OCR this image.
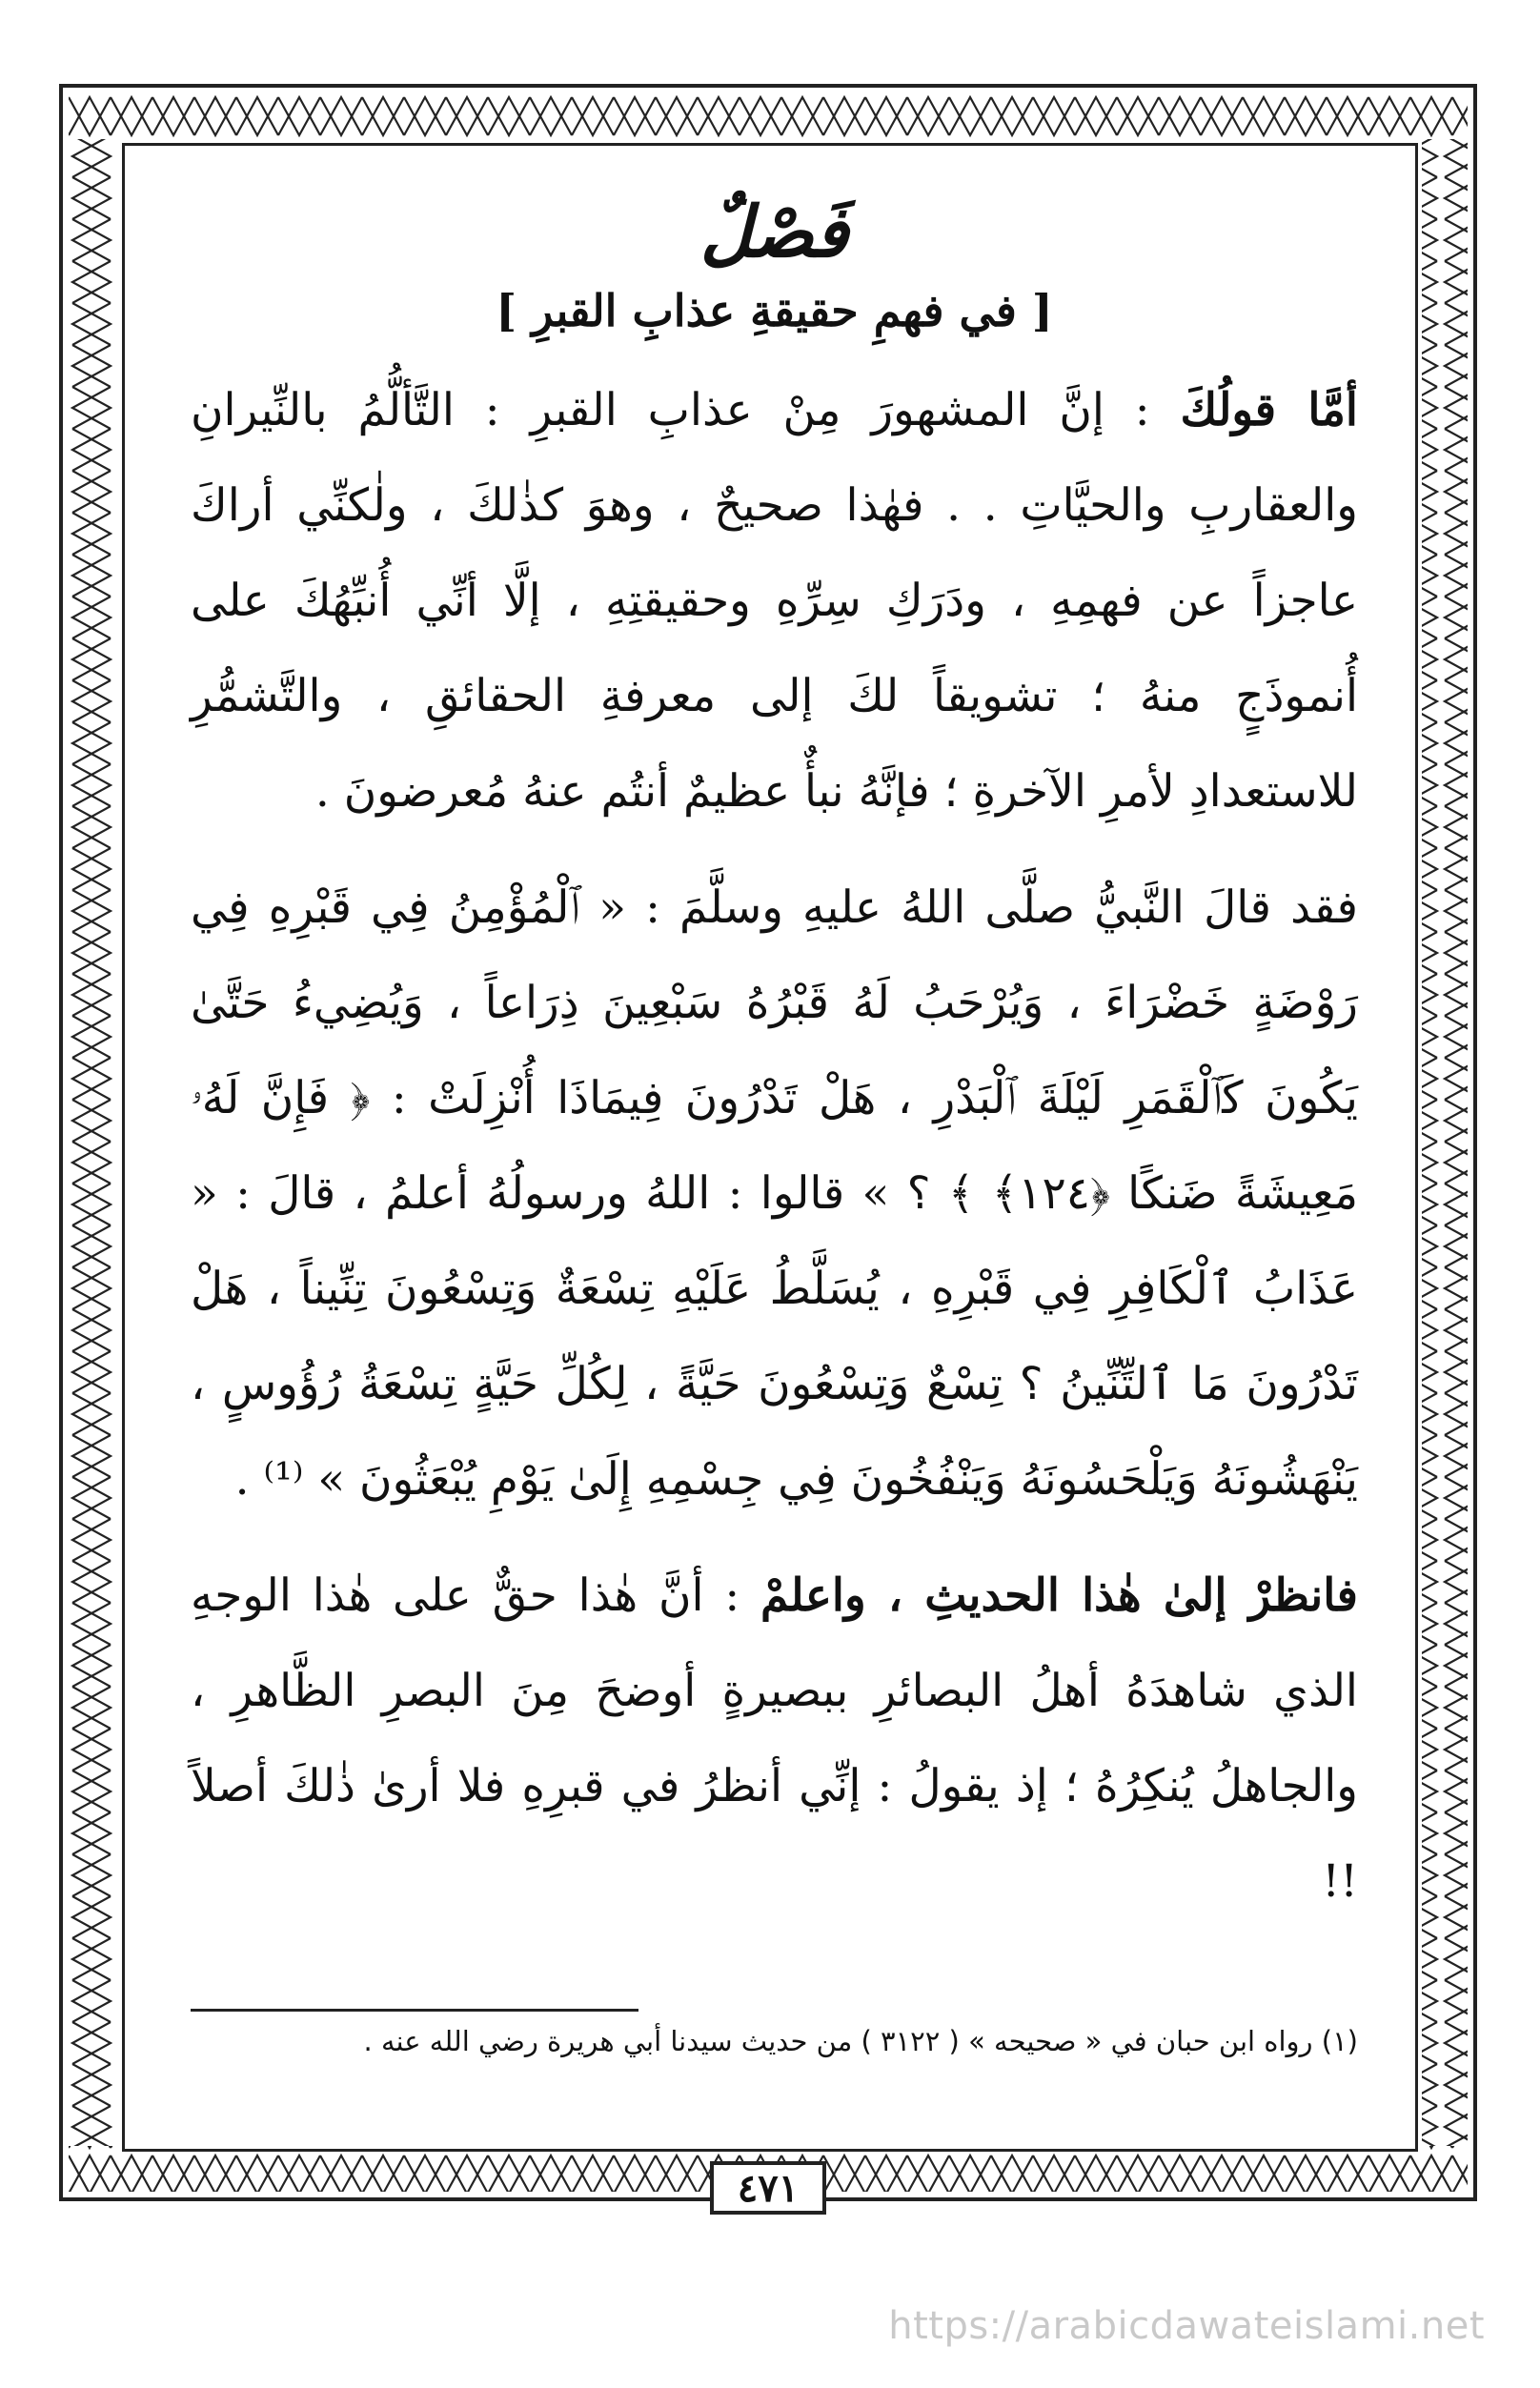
فَصْلٌ
[ في فهمِ حقيقةِ عذابِ القبرِ ]

أمَّا قولُكَ : إنَّ المشهورَ مِنْ عذابِ القبرِ : التَّألُّمُ بالنِّيرانِ والعقاربِ والحيَّاتِ . . فهٰذا صحيحٌ ، وهوَ كذٰلكَ ، ولٰكنِّي أراكَ عاجزاً عن فهمِهِ ، ودَرَكِ سِرِّهِ وحقيقتِهِ ، إلَّا أنِّي أُنبِّهُكَ على أُنموذَجٍ منهُ ؛ تشويقاً لكَ إلى معرفةِ الحقائقِ ، والتَّشمُّرِ للاستعدادِ لأمرِ الآخرةِ ؛ فإنَّهُ نبأٌ عظيمٌ أنتُم عنهُ مُعرضونَ .

فقد قالَ النَّبيُّ صلَّى اللهُ عليهِ وسلَّمَ : « ٱلْمُؤْمِنُ فِي قَبْرِهِ فِي رَوْضَةٍ خَضْرَاءَ ، وَيُرْحَبُ لَهُ قَبْرُهُ سَبْعِينَ ذِرَاعاً ، وَيُضِيءُ حَتَّىٰ يَكُونَ كَٱلْقَمَرِ لَيْلَةَ ٱلْبَدْرِ ، هَلْ تَدْرُونَ فِيمَاذَا أُنْزِلَتْ : ﴿ فَإِنَّ لَهُۥ مَعِيشَةً ضَنكًا ﴿١٢٤﴾ ﴾ ؟ » قالوا : اللهُ ورسولُهُ أعلمُ ، قالَ : « عَذَابُ ٱلْكَافِرِ فِي قَبْرِهِ ، يُسَلَّطُ عَلَيْهِ تِسْعَةٌ وَتِسْعُونَ تِنِّيناً ، هَلْ تَدْرُونَ مَا ٱلتِّنِّينُ ؟ تِسْعٌ وَتِسْعُونَ حَيَّةً ، لِكُلِّ حَيَّةٍ تِسْعَةُ رُؤُوسٍ ، يَنْهَشُونَهُ وَيَلْحَسُونَهُ وَيَنْفُخُونَ فِي جِسْمِهِ إِلَىٰ يَوْمِ يُبْعَثُونَ » ⁽¹⁾ .

فانظرْ إلىٰ هٰذا الحديثِ ، واعلمْ : أنَّ هٰذا حقٌّ على هٰذا الوجهِ الذي شاهدَهُ أهلُ البصائرِ ببصيرةٍ أوضحَ مِنَ البصرِ الظَّاهرِ ، والجاهلُ يُنكِرُهُ ؛ إذ يقولُ : إنِّي أنظرُ في قبرِهِ فلا أرىٰ ذٰلكَ أصلاً !!

(١) رواه ابن حبان في « صحيحه » ( ٣١٢٢ ) من حديث سيدنا أبي هريرة رضي الله عنه .
٤٧١
https://arabicdawateislami.net
